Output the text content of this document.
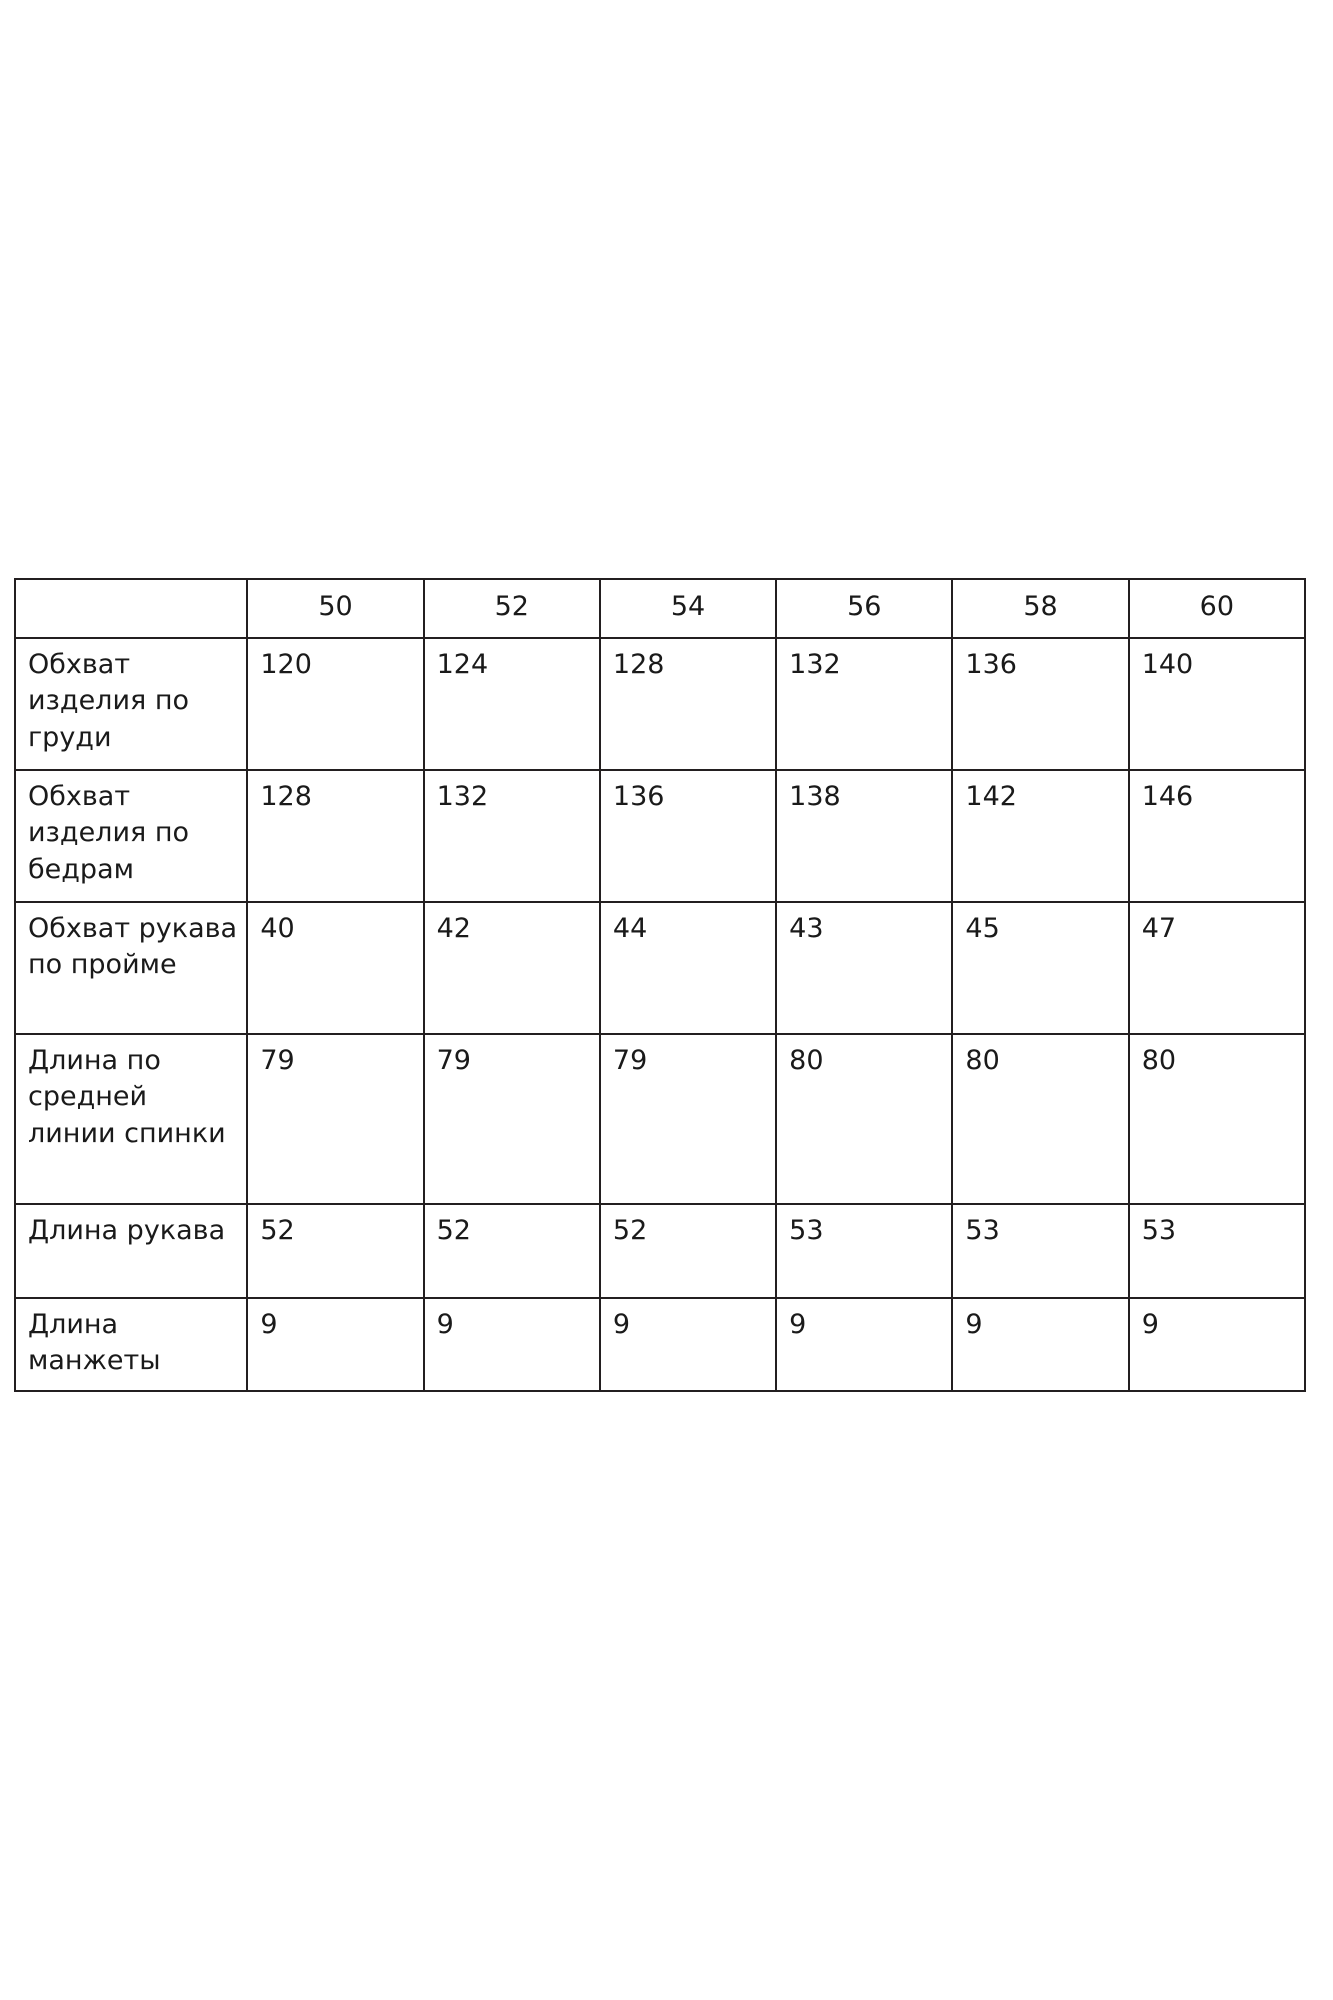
	50	52	54	56	58	60
Обхват изделия по груди	120	124	128	132	136	140
Обхват изделия по бедрам	128	132	136	138	142	146
Обхват рукава по пройме	40	42	44	43	45	47
Длина по средней линии спинки	79	79	79	80	80	80
Длина рукава	52	52	52	53	53	53
Длина манжеты	9	9	9	9	9	9
